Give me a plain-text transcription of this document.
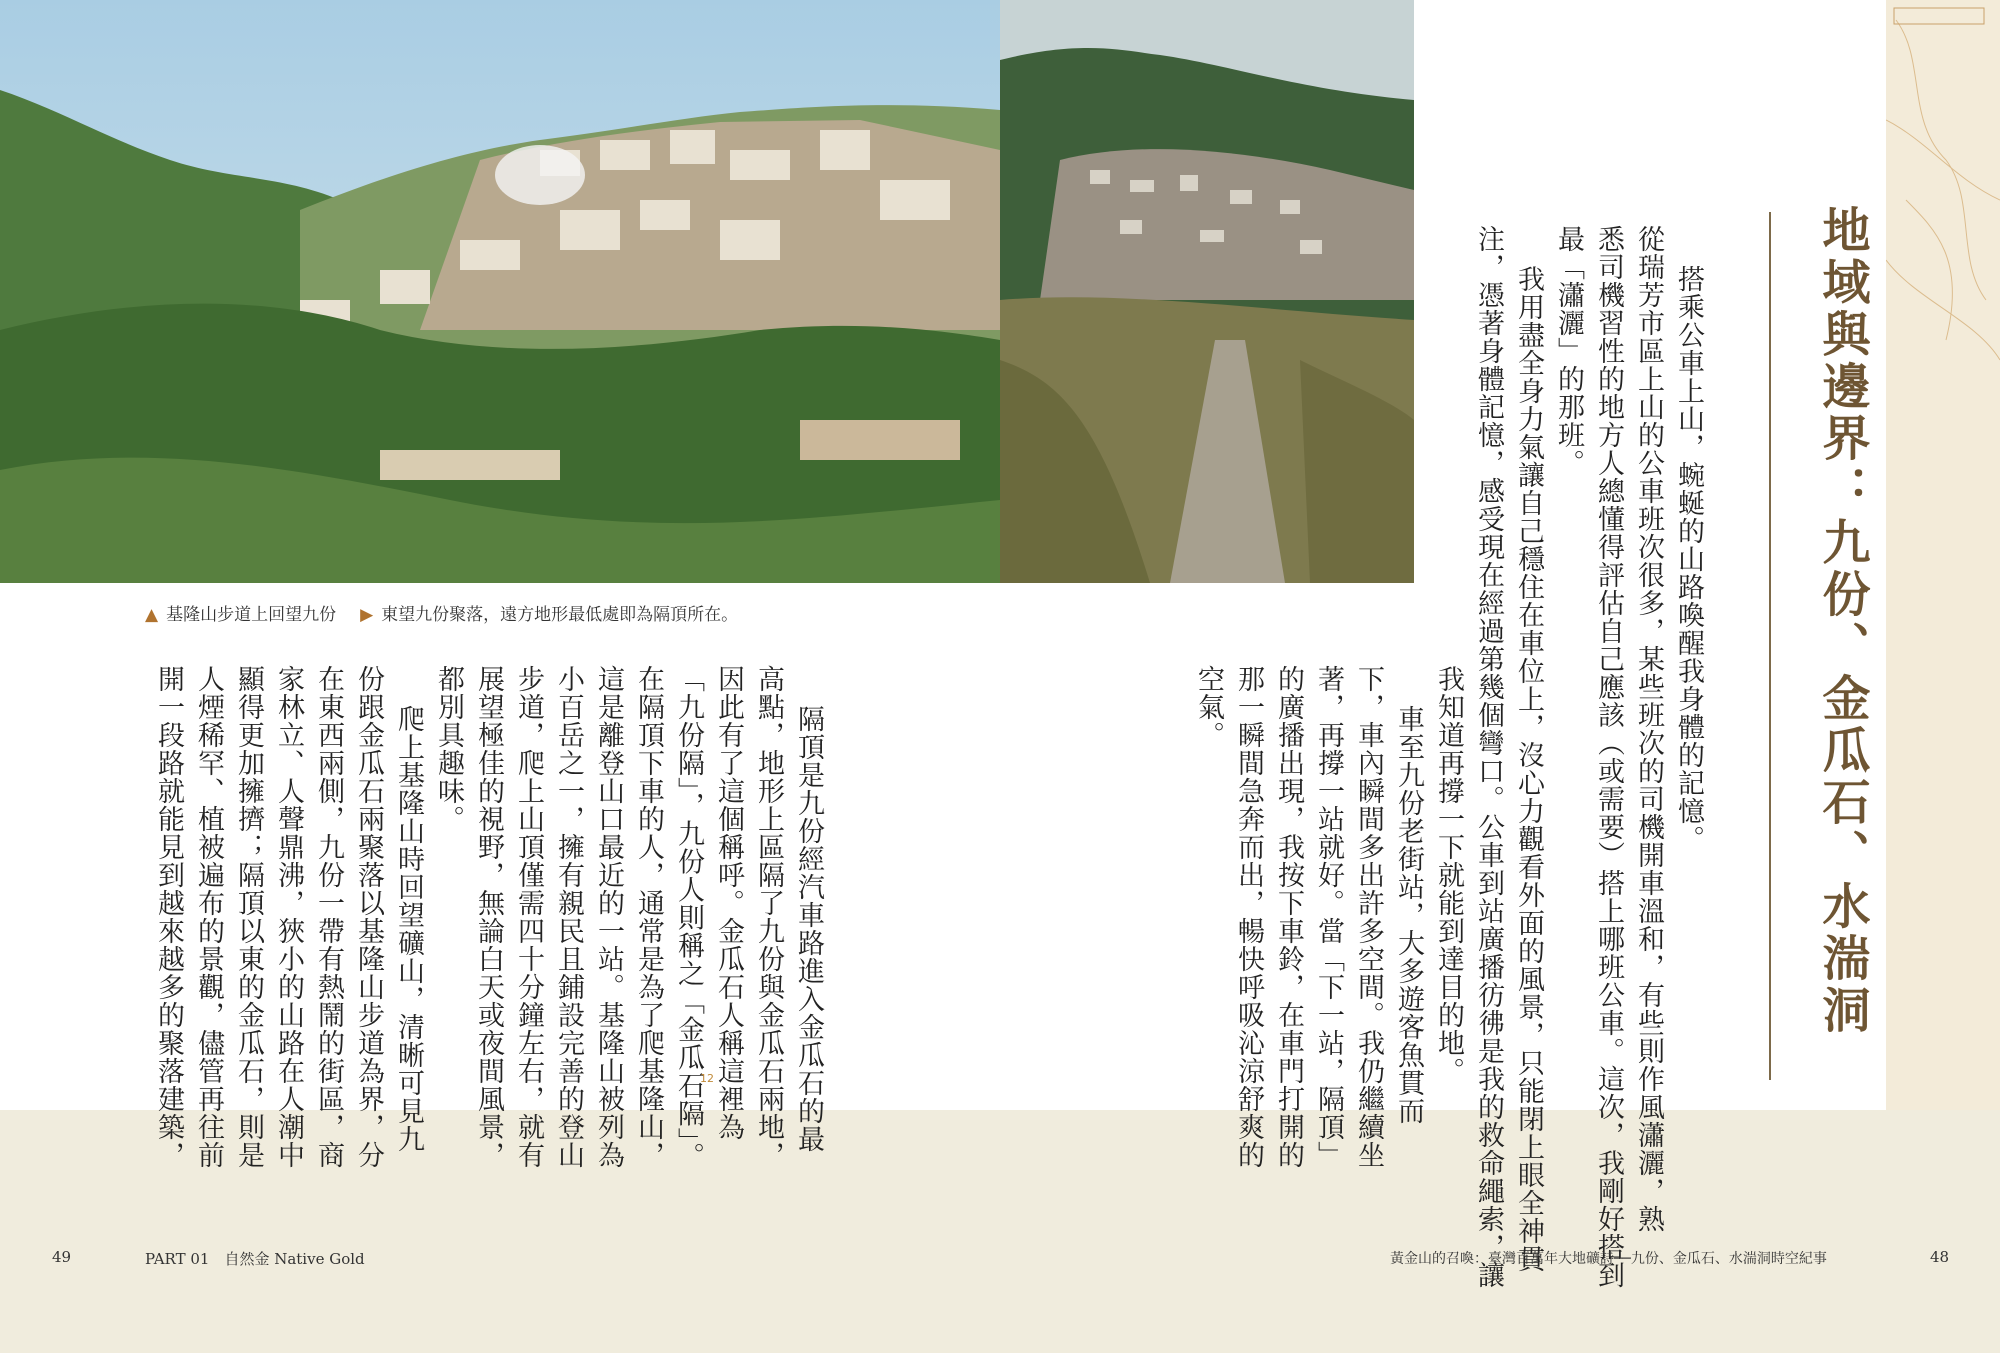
▲ 基隆山步道上回望九份 ▶ 東望九份聚落，遠方地形最低處即為隔頂所在。	地域與邊界：九份、金瓜石、水湍洞
搭乘公車上山，蜿蜒的山路喚醒我身體的記憶。
從瑞芳市區上山的公車班次很多，某些班次的司機開車溫和，有些則作風瀟灑，熟
悉司機習性的地方人總懂得評估自己應該（或需要）搭上哪班公車。這次，我剛好搭到
最「瀟灑」的那班。
我用盡全身力氣讓自己穩住在車位上，沒心力觀看外面的風景，只能閉上眼全神貫
注，憑著身體記憶，感受現在經過第幾個彎口。公車到站廣播彷彿是我的救命繩索，讓
我知道再撐一下就能到達目的地。
車至九份老街站，大多遊客魚貫而
下，車內瞬間多出許多空間。我仍繼續坐
著，再撐一站就好。當「下一站，隔頂」
的廣播出現，我按下車鈴，在車門打開的
那一瞬間急奔而出，暢快呼吸沁涼舒爽的
空氣。
隔頂是九份經汽車路進入金瓜石的最
高點，地形上區隔了九份與金瓜石兩地，
因此有了這個稱呼。金瓜石人稱這裡為
「九份隔」，九份人則稱之「金瓜石隔」。
在隔頂下車的人，通常是為了爬基隆山，
這是離登山口最近的一站。基隆山被列為
小百岳之一，擁有親民且鋪設完善的登山
步道，爬上山頂僅需四十分鐘左右，就有
展望極佳的視野，無論白天或夜間風景，
都別具趣味。
爬上基隆山時回望礦山，清晰可見九
份跟金瓜石兩聚落以基隆山步道為界，分
在東西兩側，九份一帶有熱鬧的街區，商
家林立、人聲鼎沸，狹小的山路在人潮中
顯得更加擁擠；隔頂以東的金瓜石，則是
人煙稀罕、植被遍布的景觀，儘管再往前
開一段路就能見到越來越多的聚落建築，	12
49	PART 01　自然金 Native Gold	黃金山的召喚：臺灣百萬年大地礦詩──九份、金瓜石、水湍洞時空紀事	48
